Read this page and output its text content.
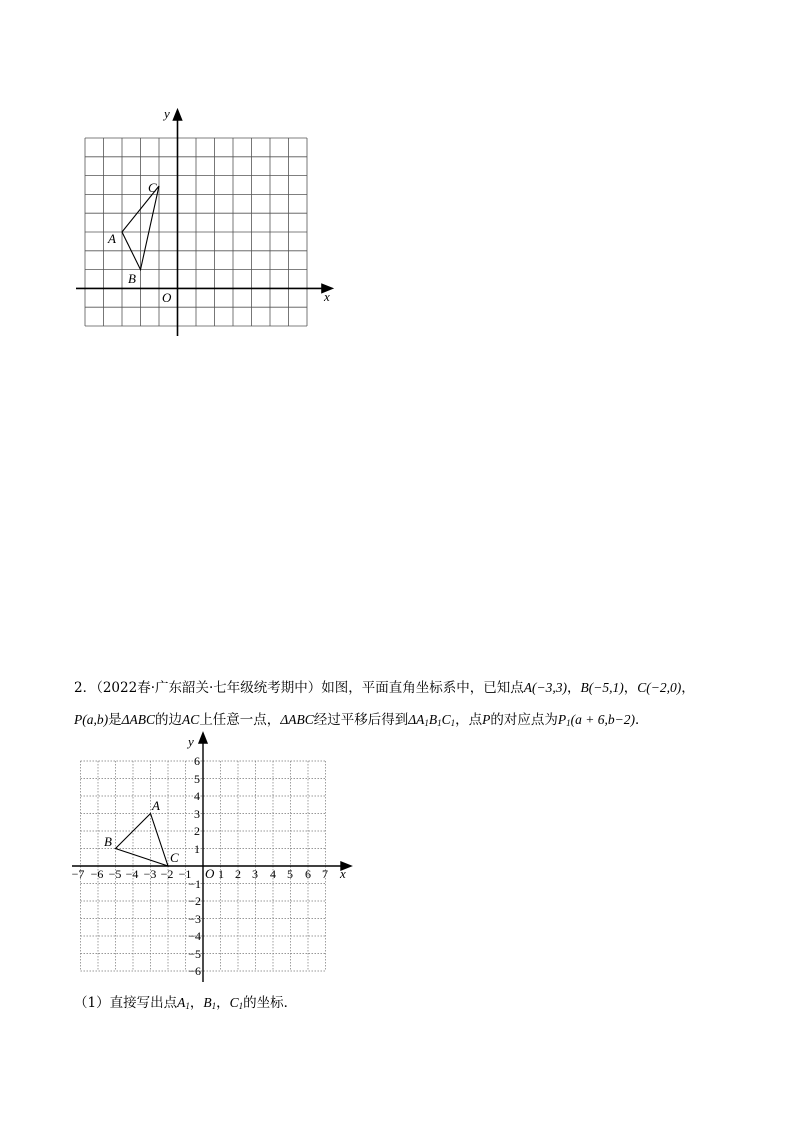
y
x
O
A
B
C

2．（2022春·广东韶关·七年级统考期中）如图，平面直角坐标系中，已知点A(−3,3)，B(−5,1)，C(−2,0)，

P(a,b)是ΔABC的边AC上任意一点，ΔABC经过平移后得到$\Delta A_1B_1C_1$，点P的对应点为$P_1(a + 6,b-2)$．

−7 −6 −5 −4 −3 −2 −1 1 2 3 4 5 6 7
6
5
4
3
2
1
−1
−2
−3
−4
−5
−6
y
x
O
A
B
C
（1）直接写出点$A_1$，$B_1$，$C_1$的坐标．
